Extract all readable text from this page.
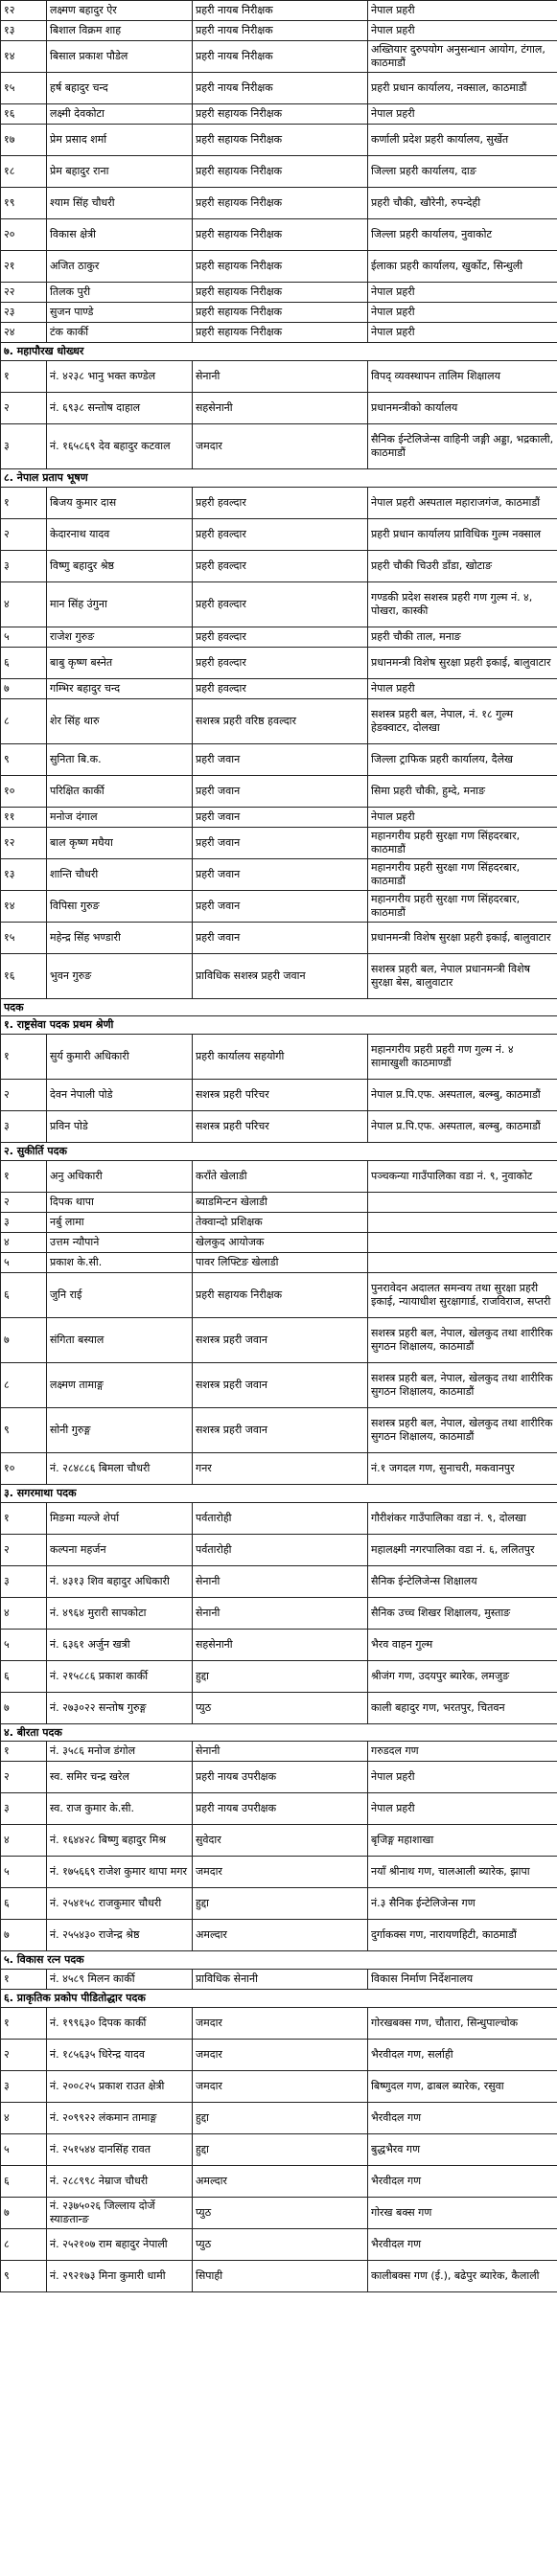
१२	लक्ष्मण बहादुर ऐर	प्रहरी नायब निरीक्षक	नेपाल प्रहरी
१३	बिशाल विक्रम शाह	प्रहरी नायब निरीक्षक	नेपाल प्रहरी
१४	बिसाल प्रकाश पौडेल	प्रहरी नायब निरीक्षक	अख्तियार दुरुपयोग अनुसन्धान आयोग, टंगाल, काठमाडौं
१५	हर्ष बहादुर चन्द	प्रहरी नायब निरीक्षक	प्रहरी प्रधान कार्यालय, नक्साल, काठमाडौं
१६	लक्ष्मी देवकोटा	प्रहरी सहायक निरीक्षक	नेपाल प्रहरी
१७	प्रेम प्रसाद शर्मा	प्रहरी सहायक निरीक्षक	कर्णाली प्रदेश प्रहरी कार्यालय, सुर्खेत
१८	प्रेम बहादुर राना	प्रहरी सहायक निरीक्षक	जिल्ला प्रहरी कार्यालय, दाङ
१९	श्याम सिंह चौधरी	प्रहरी सहायक निरीक्षक	प्रहरी चौकी, खौरेनी, रुपन्देही
२०	विकास क्षेत्री	प्रहरी सहायक निरीक्षक	जिल्ला प्रहरी कार्यालय, नुवाकोट
२१	अजित ठाकुर	प्रहरी सहायक निरीक्षक	ईलाका प्रहरी कार्यालय, खुर्कोट, सिन्धुली
२२	तिलक पुरी	प्रहरी सहायक निरीक्षक	नेपाल प्रहरी
२३	सुजन पाण्डे	प्रहरी सहायक निरीक्षक	नेपाल प्रहरी
२४	टंक कार्की	प्रहरी सहायक निरीक्षक	नेपाल प्रहरी
७. महापौरख धोख्धर			
१	नं. ४२३८ भानु भक्त कण्डेल	सेनानी	विपद् व्यवस्थापन तालिम शिक्षालय
२	नं. ६९३८ सन्तोष दाहाल	सहसेनानी	प्रधानमन्त्रीको कार्यालय
३	नं. १६५८६९ देव बहादुर कटवाल	जमदार	सैनिक ईन्टेलिजेन्स वाहिनी जङ्गी अड्डा, भद्रकाली, काठमाडौं
८. नेपाल प्रताप भूषण			
१	बिजय कुमार दास	प्रहरी हवल्दार	नेपाल प्रहरी अस्पताल महाराजगंज, काठमाडौं
२	केदारनाथ यादव	प्रहरी हवल्दार	प्रहरी प्रधान कार्यालय प्राविधिक गुल्म नक्साल
३	विष्णु बहादुर श्रेष्ठ	प्रहरी हवल्दार	प्रहरी चौकी चिउरी डाँडा, खोटाङ
४	मान सिंह उंगुना	प्रहरी हवल्दार	गण्डकी प्रदेश सशस्त्र प्रहरी गण गुल्म नं. ४, पोखरा, कास्की
५	राजेश गुरुङ	प्रहरी हवल्दार	प्रहरी चौकी ताल, मनाङ
६	बाबु कृष्ण बस्नेत	प्रहरी हवल्दार	प्रधानमन्त्री विशेष सुरक्षा प्रहरी इकाई, बालुवाटार
७	गम्भिर बहादुर चन्द	प्रहरी हवल्दार	नेपाल प्रहरी
८	शेर सिंह थारु	सशस्त्र प्रहरी वरिष्ठ हवल्दार	सशस्त्र प्रहरी बल, नेपाल, नं. १८ गुल्म हेडक्वाटर, दोलखा
९	सुनिता बि.क.	प्रहरी जवान	जिल्ला ट्राफिक प्रहरी कार्यालय, दैलेख
१०	परिक्षित कार्की	प्रहरी जवान	सिमा प्रहरी चौकी, हुम्दे, मनाङ
११	मनोज दंगाल	प्रहरी जवान	नेपाल प्रहरी
१२	बाल कृष्ण मघैया	प्रहरी जवान	महानगरीय प्रहरी सुरक्षा गण सिंहदरबार, काठमाडौं
१३	शान्ति चौधरी	प्रहरी जवान	महानगरीय प्रहरी सुरक्षा गण सिंहदरबार, काठमाडौं
१४	विपिसा गुरुङ	प्रहरी जवान	महानगरीय प्रहरी सुरक्षा गण सिंहदरबार, काठमाडौं
१५	महेन्द्र सिंह भण्डारी	प्रहरी जवान	प्रधानमन्त्री विशेष सुरक्षा प्रहरी इकाई, बालुवाटार
१६	भुवन गुरुङ	प्राविधिक सशस्त्र प्रहरी जवान	सशस्त्र प्रहरी बल, नेपाल प्रधानमन्त्री विशेष सुरक्षा बेस, बालुवाटार
पदक			
१. राष्ट्रसेवा पदक प्रथम श्रेणी			
१	सुर्य कुमारी अधिकारी	प्रहरी कार्यालय सहयोगी	महानगरीय प्रहरी प्रहरी गण गुल्म नं. ४ सामाखुशी काठमाण्डौं
२	देवन नेपाली पोडे	सशस्त्र प्रहरी परिचर	नेपाल प्र.पि.एफ. अस्पताल, बल्म्बु, काठमाडौं
३	प्रविन पोडे	सशस्त्र प्रहरी परिचर	नेपाल प्र.पि.एफ. अस्पताल, बल्म्बु, काठमाडौं
२. सुकीर्ति पदक			
१	अनु अधिकारी	कराँते खेलाडी	पञ्चकन्या गाउँपालिका वडा नं. ९, नुवाकोट
२	दिपक थापा	ब्याडमिन्टन खेलाडी	
३	नर्बु लामा	तेक्वान्दो प्रशिक्षक	
४	उत्तम न्यौपाने	खेलकुद आयोजक	
५	प्रकाश के.सी.	पावर लिफ्टिङ खेलाडी	
६	जुनि राई	प्रहरी सहायक निरीक्षक	पुनरावेदन अदालत समन्वय तथा सुरक्षा प्रहरी इकाई, न्यायाधीश सुरक्षागार्ड, राजविराज, सप्तरी
७	संगिता बस्याल	सशस्त्र प्रहरी जवान	सशस्त्र प्रहरी बल, नेपाल, खेलकुद तथा शारीरिक सुगठन शिक्षालय, काठमाडौं
८	लक्ष्मण तामाङ्ग	सशस्त्र प्रहरी जवान	सशस्त्र प्रहरी बल, नेपाल, खेलकुद तथा शारीरिक सुगठन शिक्षालय, काठमाडौं
९	सोनी गुरुङ्ग	सशस्त्र प्रहरी जवान	सशस्त्र प्रहरी बल, नेपाल, खेलकुद तथा शारीरिक सुगठन शिक्षालय, काठमाडौं
१०	नं. २८४८८६ बिमला चौधरी	गनर	नं.१ जगदल गण, सुनाचरी, मकवानपुर
३. सगरमाथा पदक			
१	मिङमा ग्यल्जे शेर्पा	पर्वतारोही	गौरीशंकर गाउँपालिका वडा नं. ९, दोलखा
२	कल्पना महर्जन	पर्वतारोही	महालक्ष्मी नगरपालिका वडा नं. ६, ललितपुर
३	नं. ४३१३ शिव बहादुर अधिकारी	सेनानी	सैनिक ईन्टेलिजेन्स शिक्षालय
४	नं. ४९६४ मुरारी सापकोटा	सेनानी	सैनिक उच्च शिखर शिक्षालय, मुस्ताङ
५	नं. ६३६१ अर्जुन खत्री	सहसेनानी	भैरव वाहन गुल्म
६	नं. २१५८८६ प्रकाश कार्की	हुद्दा	श्रीजंग गण, उदयपुर ब्यारेक, लमजुङ
७	नं. २७३०२२ सन्तोष गुरुङ्ग	प्युठ	काली बहादुर गण, भरतपुर, चितवन
४. बीरता पदक			
१	नं. ३५८६ मनोज डंगोल	सेनानी	गरुडदल गण
२	स्व. समिर चन्द्र खरेल	प्रहरी नायब उपरीक्षक	नेपाल प्रहरी
३	स्व. राज कुमार के.सी.	प्रहरी नायब उपरीक्षक	नेपाल प्रहरी
४	नं. १६४४२८ बिष्णु बहादुर मिश्र	सुवेदार	बृजिङ्ग महाशाखा
५	नं. १७५६६९ राजेश कुमार थापा मगर	जमदार	नयाँ श्रीनाथ गण, चालआली ब्यारेक, झापा
६	नं. २५४१५८ राजकुमार चौधरी	हुद्दा	नं.३ सैनिक ईन्टेलिजेन्स गण
७	नं. २५५४३० राजेन्द्र श्रेष्ठ	अमल्दार	दुर्गाकक्स गण, नारायणहिटी, काठमाडौं
५. विकास रत्न पदक			
१	नं. ४५८९ मिलन कार्की	प्राविधिक सेनानी	विकास निर्माण निर्देशनालय
६. प्राकृतिक प्रकोप पीडितोद्धार पदक			
१	नं. १९९६३० दिपक कार्की	जमदार	गोरखबक्स गण, चौतारा, सिन्धुपाल्चोक
२	नं. १८५६३५ धिरेन्द्र यादव	जमदार	भैरवीदल गण, सर्लाही
३	नं. २००८२५ प्रकाश राउत क्षेत्री	जमदार	बिष्णुदल गण, ढाबल ब्यारेक, रसुवा
४	नं. २०९९२२ लंकमान तामाङ्ग	हुद्दा	भैरवीदल गण
५	नं. २५१५४४ दानसिंह रावत	हुद्दा	बुद्धभैरव गण
६	नं. २८८९९८ नेम्राज चौधरी	अमल्दार	भैरवीदल गण
७	नं. २३७५०२६ जिल्लाय दोर्जे स्याङतान्ङ	प्युठ	गोरख बक्स गण
८	नं. २५२१०७ राम बहादुर नेपाली	प्युठ	भैरवीदल गण
९	नं. २९२१७३ मिना कुमारी धामी	सिपाही	कालीबक्स गण (ई.), बढेपुर ब्यारेक, कैलाली
